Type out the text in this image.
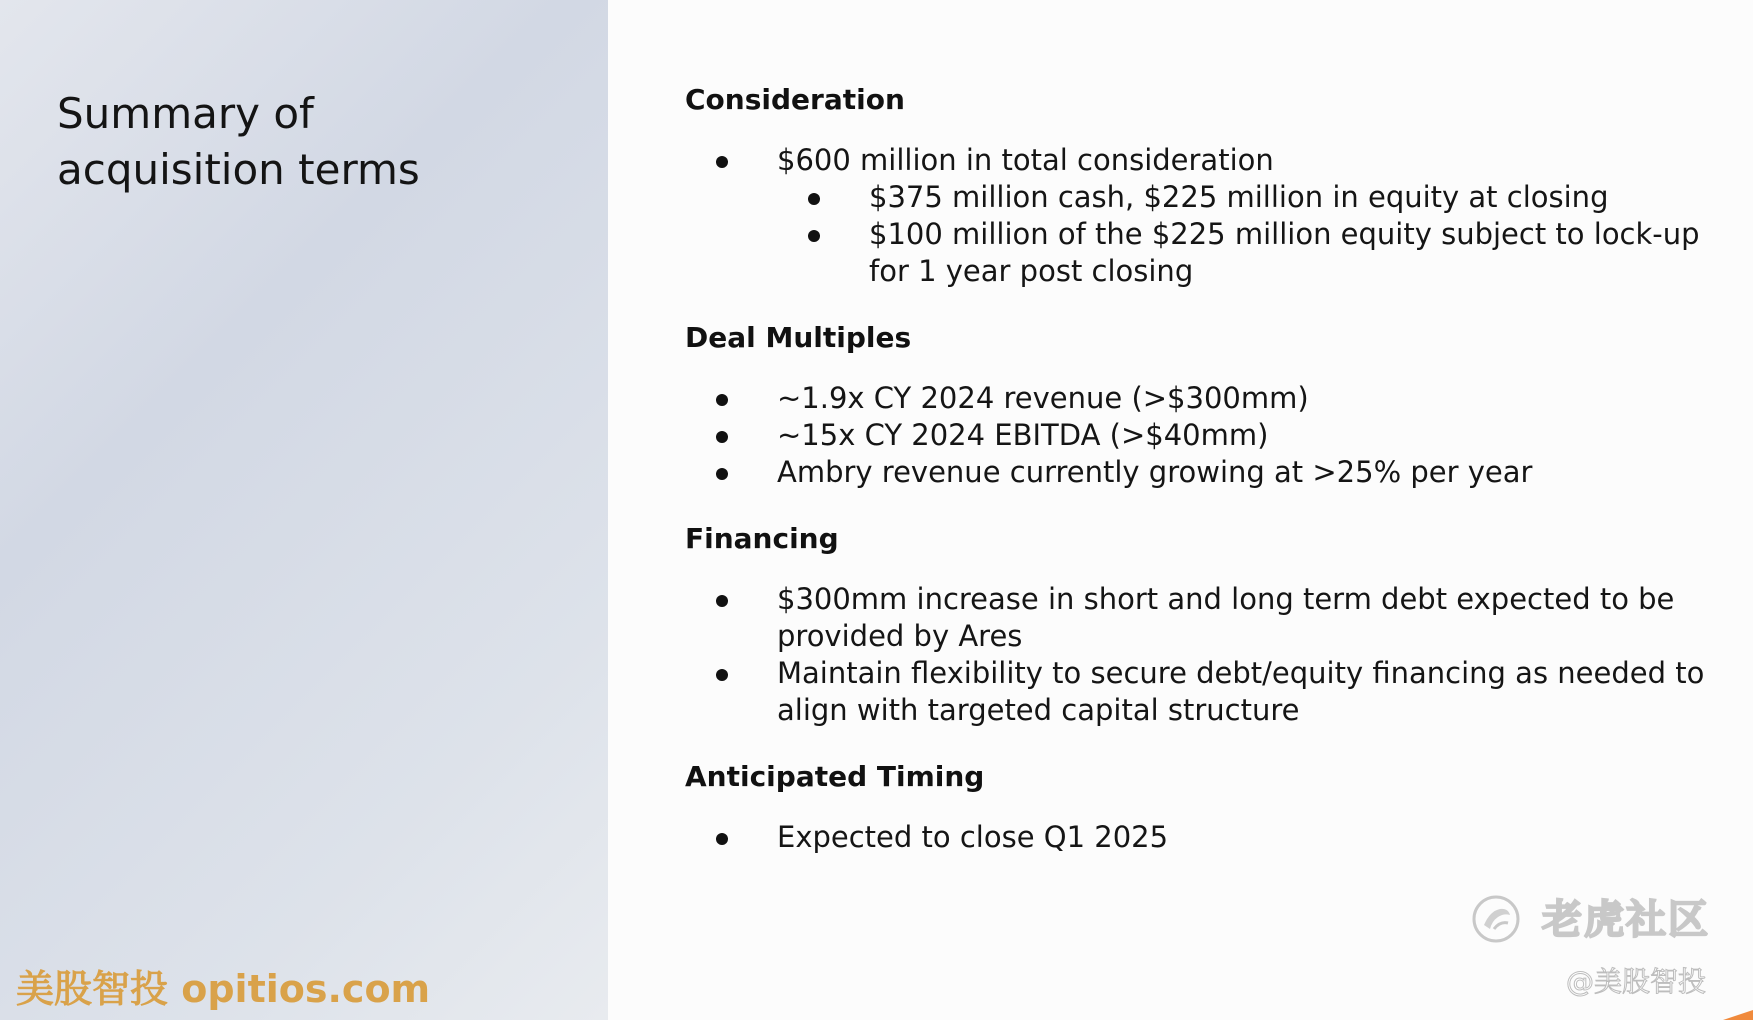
Summary of acquisition terms
Consideration
$600 million in total consideration
$375 million cash, $225 million in equity at closing
$100 million of the $225 million equity subject to lock-up for 1 year post closing
Deal Multiples
~1.9x CY 2024 revenue (>$300mm)
~15x CY 2024 EBITDA (>$40mm)
Ambry revenue currently growing at >25% per year
Financing
$300mm increase in short and long term debt expected to be provided by Ares
Maintain flexibility to secure debt/equity financing as needed to align with targeted capital structure
Anticipated Timing
Expected to close Q1 2025
美股智投 opitios.com
老虎社区
@美股智投
